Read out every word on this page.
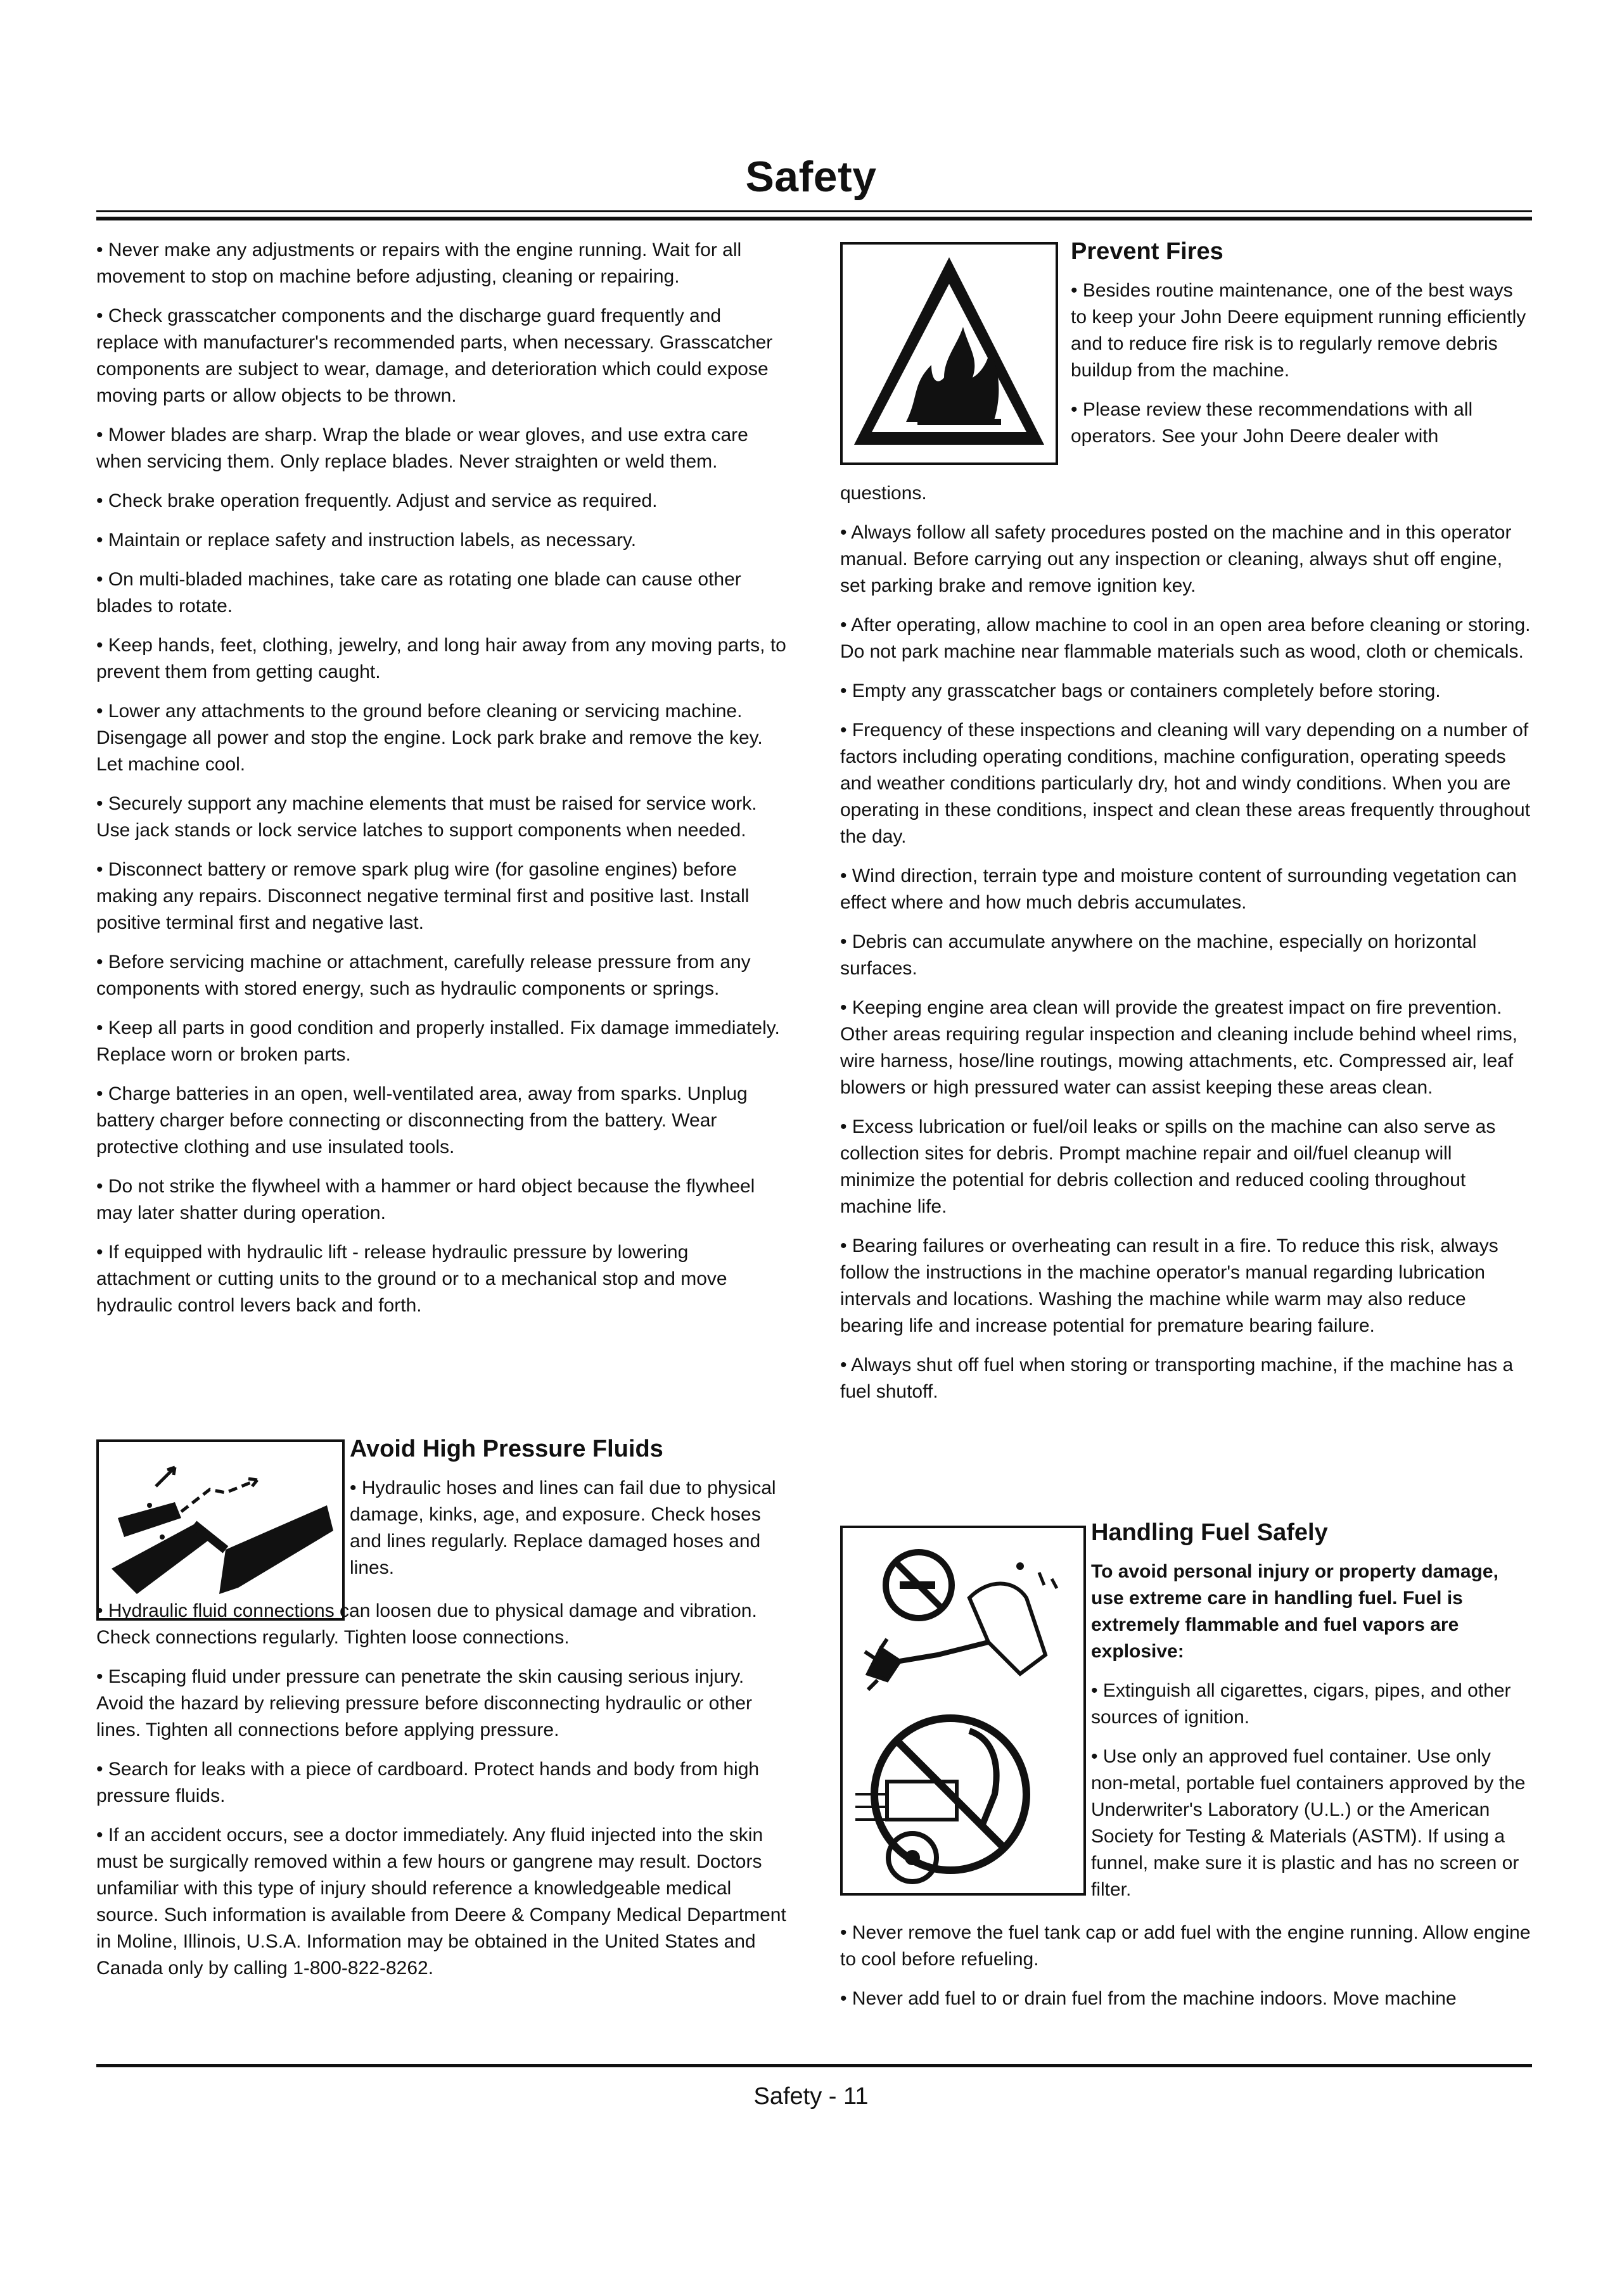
Safety

• Never make any adjustments or repairs with the engine running. Wait for all movement to stop on machine before adjusting, cleaning or repairing.

• Check grasscatcher components and the discharge guard frequently and replace with manufacturer's recommended parts, when necessary. Grasscatcher components are subject to wear, damage, and deterioration which could expose moving parts or allow objects to be thrown.

• Mower blades are sharp. Wrap the blade or wear gloves, and use extra care when servicing them. Only replace blades. Never straighten or weld them.

• Check brake operation frequently. Adjust and service as required.

• Maintain or replace safety and instruction labels, as necessary.

• On multi-bladed machines, take care as rotating one blade can cause other blades to rotate.

• Keep hands, feet, clothing, jewelry, and long hair away from any moving parts, to prevent them from getting caught.

• Lower any attachments to the ground before cleaning or servicing machine. Disengage all power and stop the engine. Lock park brake and remove the key. Let machine cool.

• Securely support any machine elements that must be raised for service work. Use jack stands or lock service latches to support components when needed.

• Disconnect battery or remove spark plug wire (for gasoline engines) before making any repairs. Disconnect negative terminal first and positive last. Install positive terminal first and negative last.

• Before servicing machine or attachment, carefully release pressure from any components with stored energy, such as hydraulic components or springs.

• Keep all parts in good condition and properly installed. Fix damage immediately. Replace worn or broken parts.

• Charge batteries in an open, well-ventilated area, away from sparks. Unplug battery charger before connecting or disconnecting from the battery. Wear protective clothing and use insulated tools.

• Do not strike the flywheel with a hammer or hard object because the flywheel may later shatter during operation.

• If equipped with hydraulic lift - release hydraulic pressure by lowering attachment or cutting units to the ground or to a mechanical stop and move hydraulic control levers back and forth.

Avoid High Pressure Fluids

• Hydraulic hoses and lines can fail due to physical damage, kinks, age, and exposure. Check hoses and lines regularly. Replace damaged hoses and lines.

• Hydraulic fluid connections can loosen due to physical damage and vibration. Check connections regularly. Tighten loose connections.

• Escaping fluid under pressure can penetrate the skin causing serious injury. Avoid the hazard by relieving pressure before disconnecting hydraulic or other lines. Tighten all connections before applying pressure.

• Search for leaks with a piece of cardboard. Protect hands and body from high pressure fluids.

• If an accident occurs, see a doctor immediately. Any fluid injected into the skin must be surgically removed within a few hours or gangrene may result. Doctors unfamiliar with this type of injury should reference a knowledgeable medical source. Such information is available from Deere & Company Medical Department in Moline, Illinois, U.S.A. Information may be obtained in the United States and Canada only by calling 1-800-822-8262.

Prevent Fires

• Besides routine maintenance, one of the best ways to keep your John Deere equipment running efficiently and to reduce fire risk is to regularly remove debris buildup from the machine.

• Please review these recommendations with all operators. See your John Deere dealer with

questions.

• Always follow all safety procedures posted on the machine and in this operator manual. Before carrying out any inspection or cleaning, always shut off engine, set parking brake and remove ignition key.

• After operating, allow machine to cool in an open area before cleaning or storing. Do not park machine near flammable materials such as wood, cloth or chemicals.

• Empty any grasscatcher bags or containers completely before storing.

• Frequency of these inspections and cleaning will vary depending on a number of factors including operating conditions, machine configuration, operating speeds and weather conditions particularly dry, hot and windy conditions. When you are operating in these conditions, inspect and clean these areas frequently throughout the day.

• Wind direction, terrain type and moisture content of surrounding vegetation can effect where and how much debris accumulates.

• Debris can accumulate anywhere on the machine, especially on horizontal surfaces.

• Keeping engine area clean will provide the greatest impact on fire prevention. Other areas requiring regular inspection and cleaning include behind wheel rims, wire harness, hose/line routings, mowing attachments, etc. Compressed air, leaf blowers or high pressured water can assist keeping these areas clean.

• Excess lubrication or fuel/oil leaks or spills on the machine can also serve as collection sites for debris. Prompt machine repair and oil/fuel cleanup will minimize the potential for debris collection and reduced cooling throughout machine life.

• Bearing failures or overheating can result in a fire. To reduce this risk, always follow the instructions in the machine operator's manual regarding lubrication intervals and locations. Washing the machine while warm may also reduce bearing life and increase potential for premature bearing failure.

• Always shut off fuel when storing or transporting machine, if the machine has a fuel shutoff.

Handling Fuel Safely

To avoid personal injury or property damage, use extreme care in handling fuel. Fuel is extremely flammable and fuel vapors are explosive:

• Extinguish all cigarettes, cigars, pipes, and other sources of ignition.

• Use only an approved fuel container. Use only non-metal, portable fuel containers approved by the Underwriter's Laboratory (U.L.) or the American Society for Testing & Materials (ASTM). If using a funnel, make sure it is plastic and has no screen or filter.

• Never remove the fuel tank cap or add fuel with the engine running. Allow engine to cool before refueling.

• Never add fuel to or drain fuel from the machine indoors. Move machine

Safety - 11
